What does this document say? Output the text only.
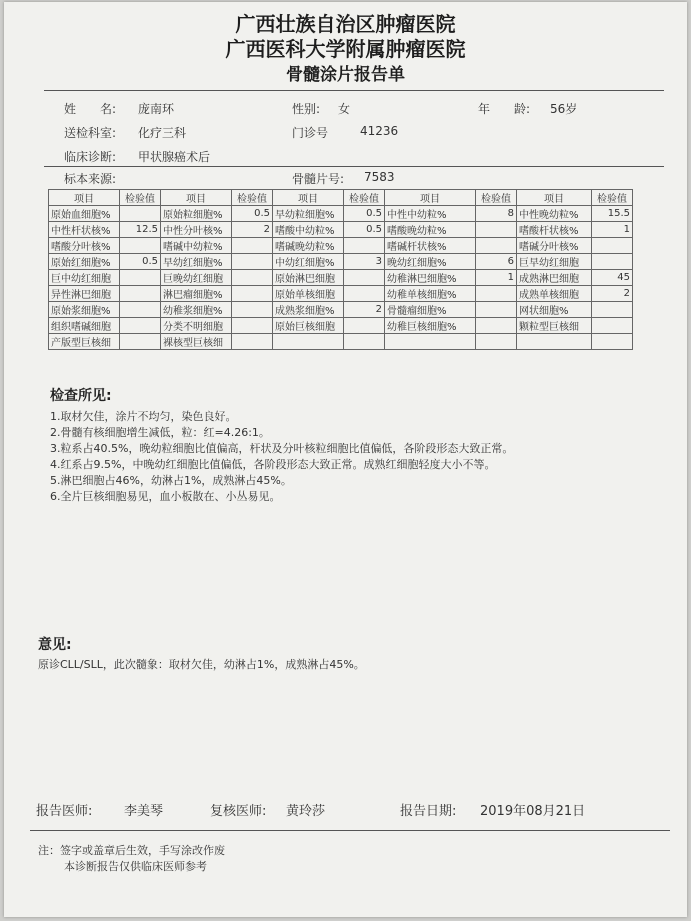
广西壮族自治区肿瘤医院
广西医科大学附属肿瘤医院
骨髓涂片报告单
姓　　名: 庞南环	性别: 女	年　　龄: 56岁
送检科室: 化疗三科	门诊号	41236
临床诊断: 甲状腺癌术后
标本来源:	骨髓片号: 7583
项目	检验值	项目	检验值	项目	检验值	项目	检验值	项目	检验值
原始血细胞%		原始粒细胞%	0.5	早幼粒细胞%	0.5	中性中幼粒%	8	中性晚幼粒%	15.5
中性杆状核%	12.5	中性分叶核%	2	嗜酸中幼粒%	0.5	嗜酸晚幼粒%		嗜酸杆状核%	1
嗜酸分叶核%		嗜碱中幼粒%		嗜碱晚幼粒%		嗜碱杆状核%		嗜碱分叶核%	
原始红细胞%	0.5	早幼红细胞%		中幼红细胞%	3	晚幼红细胞%	6	巨早幼红细胞	
巨中幼红细胞		巨晚幼红细胞		原始淋巴细胞		幼稚淋巴细胞%	1	成熟淋巴细胞	45
异性淋巴细胞		淋巴瘤细胞%		原始单核细胞		幼稚单核细胞%		成熟单核细胞	2
原始浆细胞%		幼稚浆细胞%		成熟浆细胞%	2	骨髓瘤细胞%		网状细胞%	
组织嗜碱细胞		分类不明细胞		原始巨核细胞		幼稚巨核细胞%		颗粒型巨核细	
产版型巨核细		裸核型巨核细							
检查所见:
1.取材欠佳，涂片不均匀，染色良好。
2.骨髓有核细胞增生减低，粒：红=4.26:1。
3.粒系占40.5%，晚幼粒细胞比值偏高，杆状及分叶核粒细胞比值偏低，各阶段形态大致正常。
4.红系占9.5%，中晚幼红细胞比值偏低，各阶段形态大致正常。成熟红细胞轻度大小不等。
5.淋巴细胞占46%，幼淋占1%，成熟淋占45%。
6.全片巨核细胞易见，血小板散在、小丛易见。
意见:
原诊CLL/SLL，此次髓象：取材欠佳，幼淋占1%，成熟淋占45%。
报告医师: 李美琴	复核医师: 黄玲莎	报告日期: 2019年08月21日
注：签字或盖章后生效，手写涂改作废
本诊断报告仅供临床医师参考
